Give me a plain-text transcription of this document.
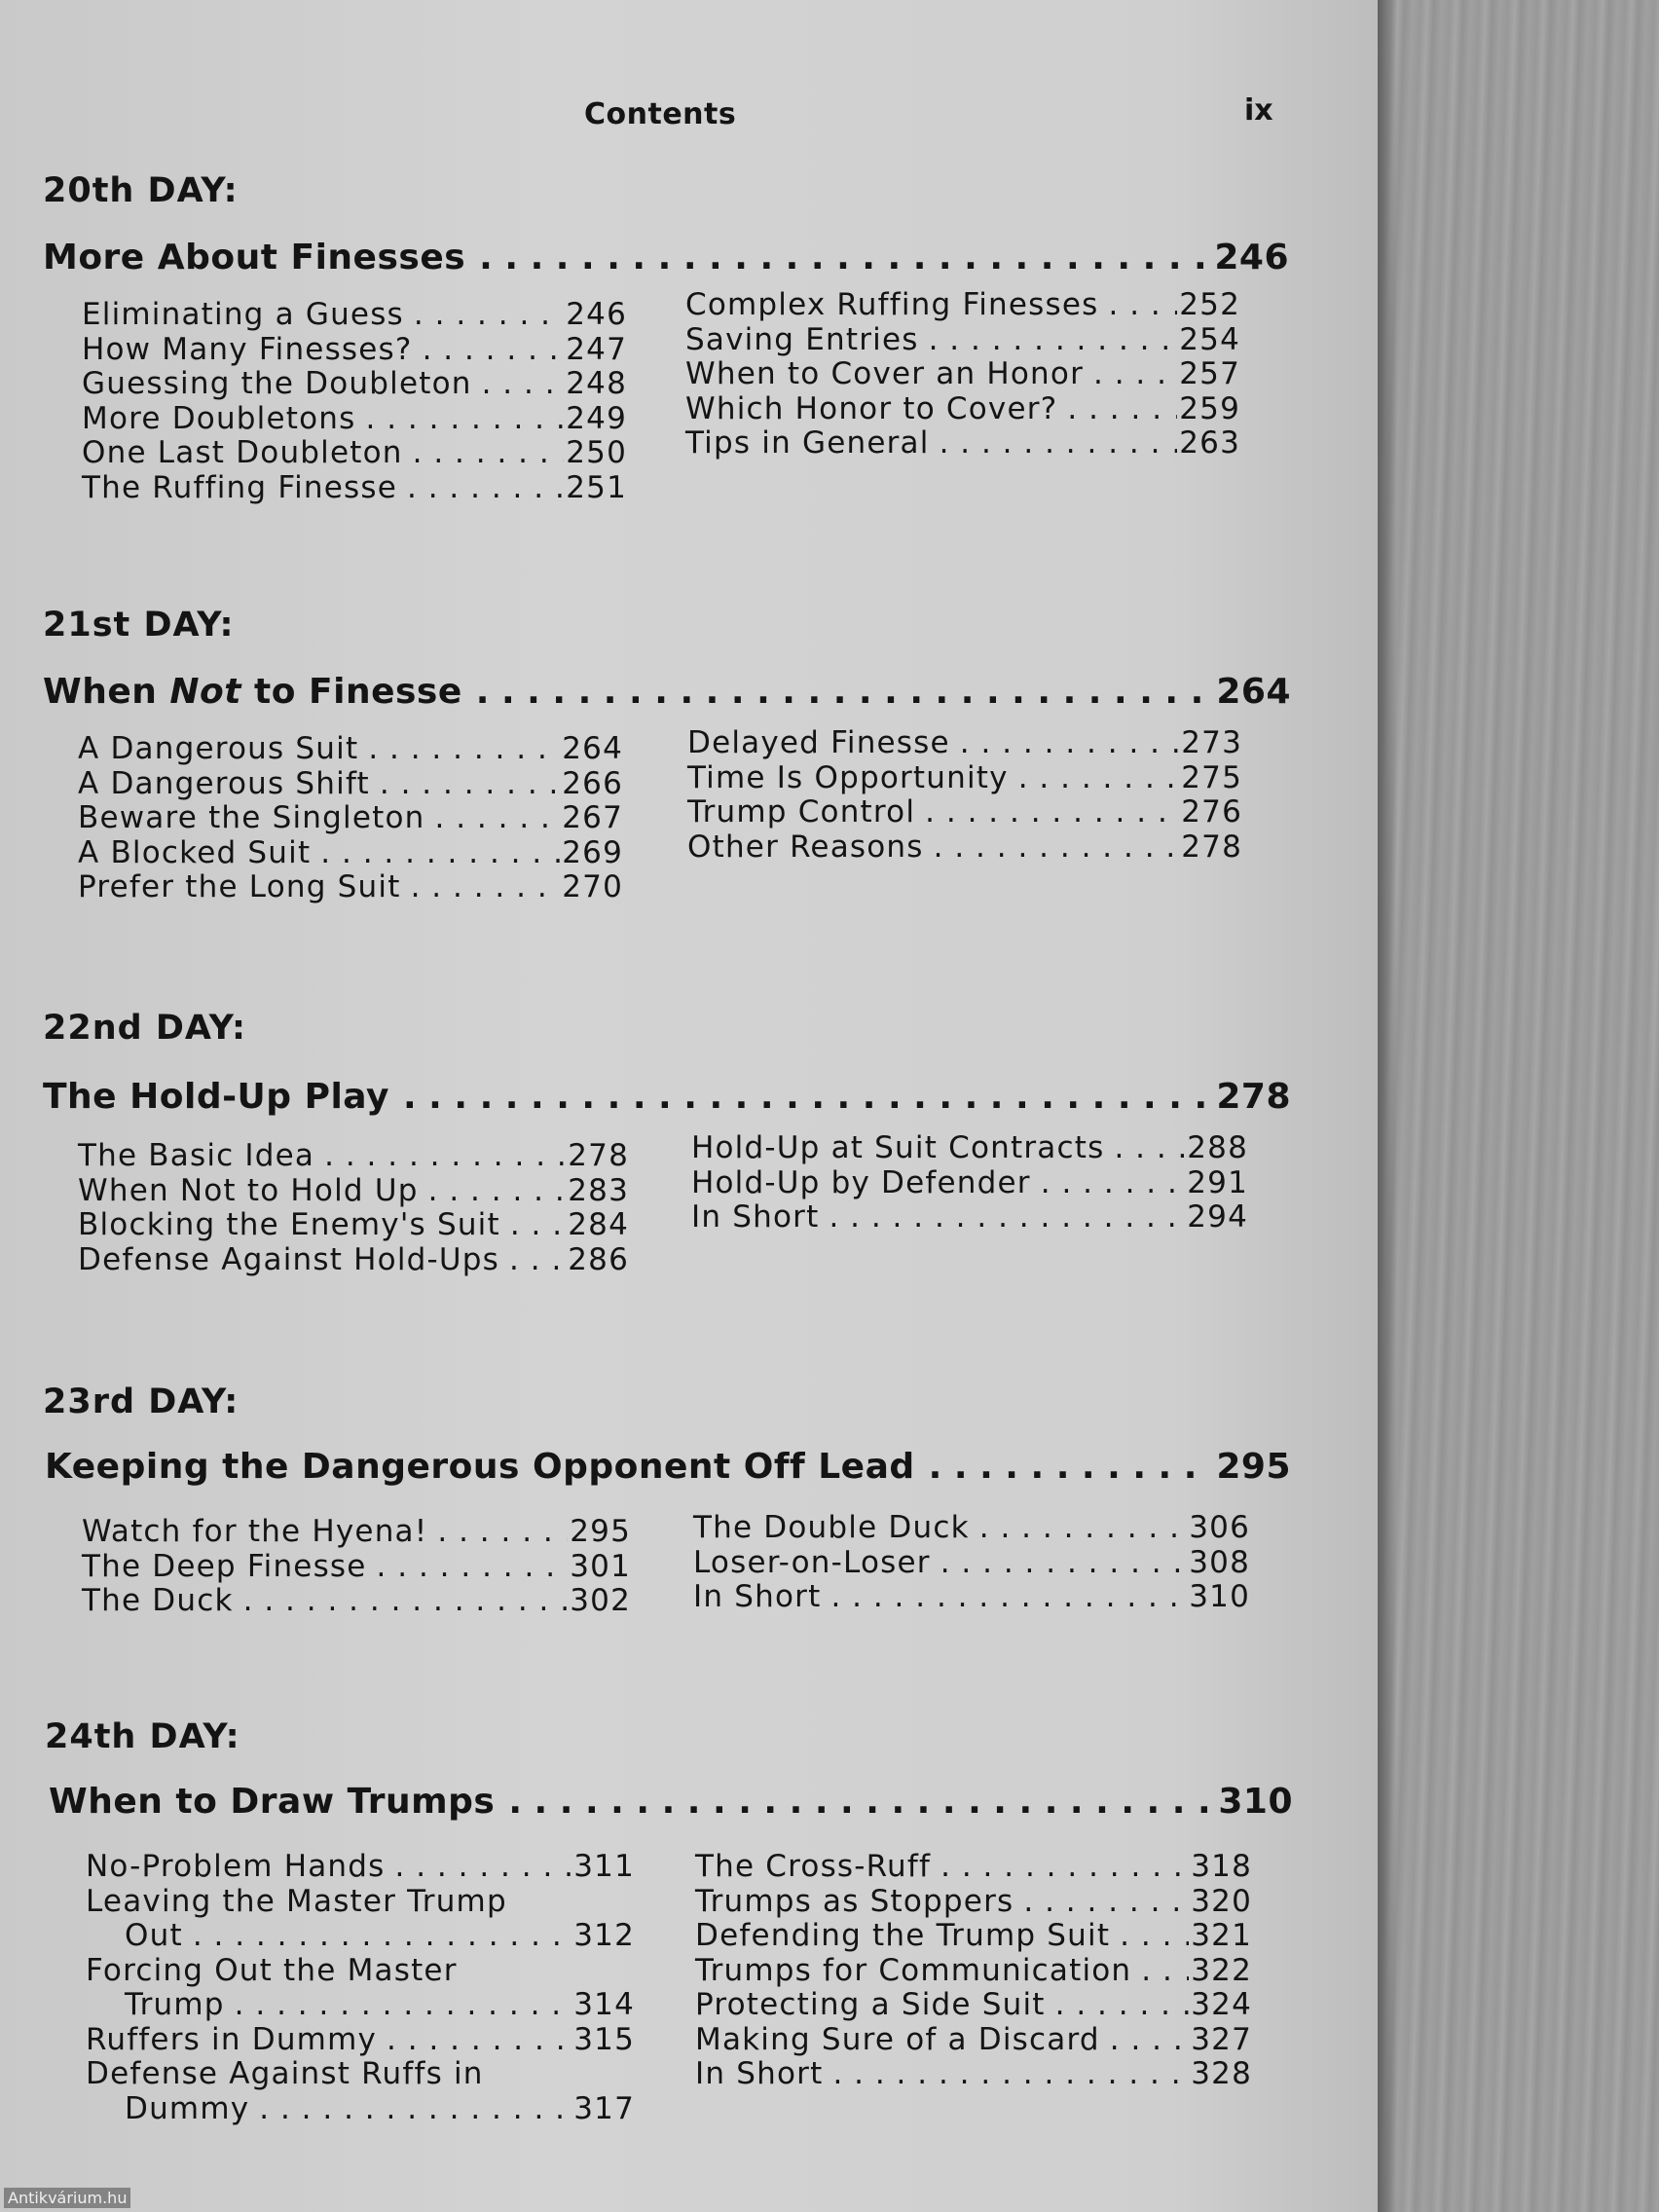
Contents	ix
20th DAY:
More About Finesses . . .	246
Eliminating a Guess . . .	246
How Many Finesses? . . .	247
Guessing the Doubleton . . .	248
More Doubletons . . .	249
One Last Doubleton . . .	250
The Ruffing Finesse . . .	251
Complex Ruffing Finesses . . .	252
Saving Entries . . .	254
When to Cover an Honor . . .	257
Which Honor to Cover? . . .	259
Tips in General . . .	263
21st DAY:
When Not to Finesse . . .	264
A Dangerous Suit . . .	264
A Dangerous Shift . . .	266
Beware the Singleton . . .	267
A Blocked Suit . . .	269
Prefer the Long Suit . . .	270
Delayed Finesse . . .	273
Time Is Opportunity . . .	275
Trump Control . . .	276
Other Reasons . . .	278
22nd DAY:
The Hold-Up Play . . .	278
The Basic Idea . . .	278
When Not to Hold Up . . .	283
Blocking the Enemy's Suit . . . 284
Defense Against Hold-Ups . . . 286
Hold-Up at Suit Contracts . . .	288
Hold-Up by Defender . . .	291
In Short . . .	294
23rd DAY:
Keeping the Dangerous Opponent Off Lead . . .	295
Watch for the Hyena! . . .	295
The Deep Finesse . . .	301
The Duck . . .	302
The Double Duck . . .	306
Loser-on-Loser . . .	308
In Short . . .	310
24th DAY:
When to Draw Trumps . . .	310
No-Problem Hands . . .	311
Leaving the Master Trump
Out . . .	312
Forcing Out the Master
Trump . . .	314
Ruffers in Dummy . . .	315
Defense Against Ruffs in
Dummy . . .	317
The Cross-Ruff . . .	318
Trumps as Stoppers . . .	320
Defending the Trump Suit . . .	321
Trumps for Communication . . . 322
Protecting a Side Suit . . .	324
Making Sure of a Discard . . .	327
In Short . . .	328
Antikvárium.hu
